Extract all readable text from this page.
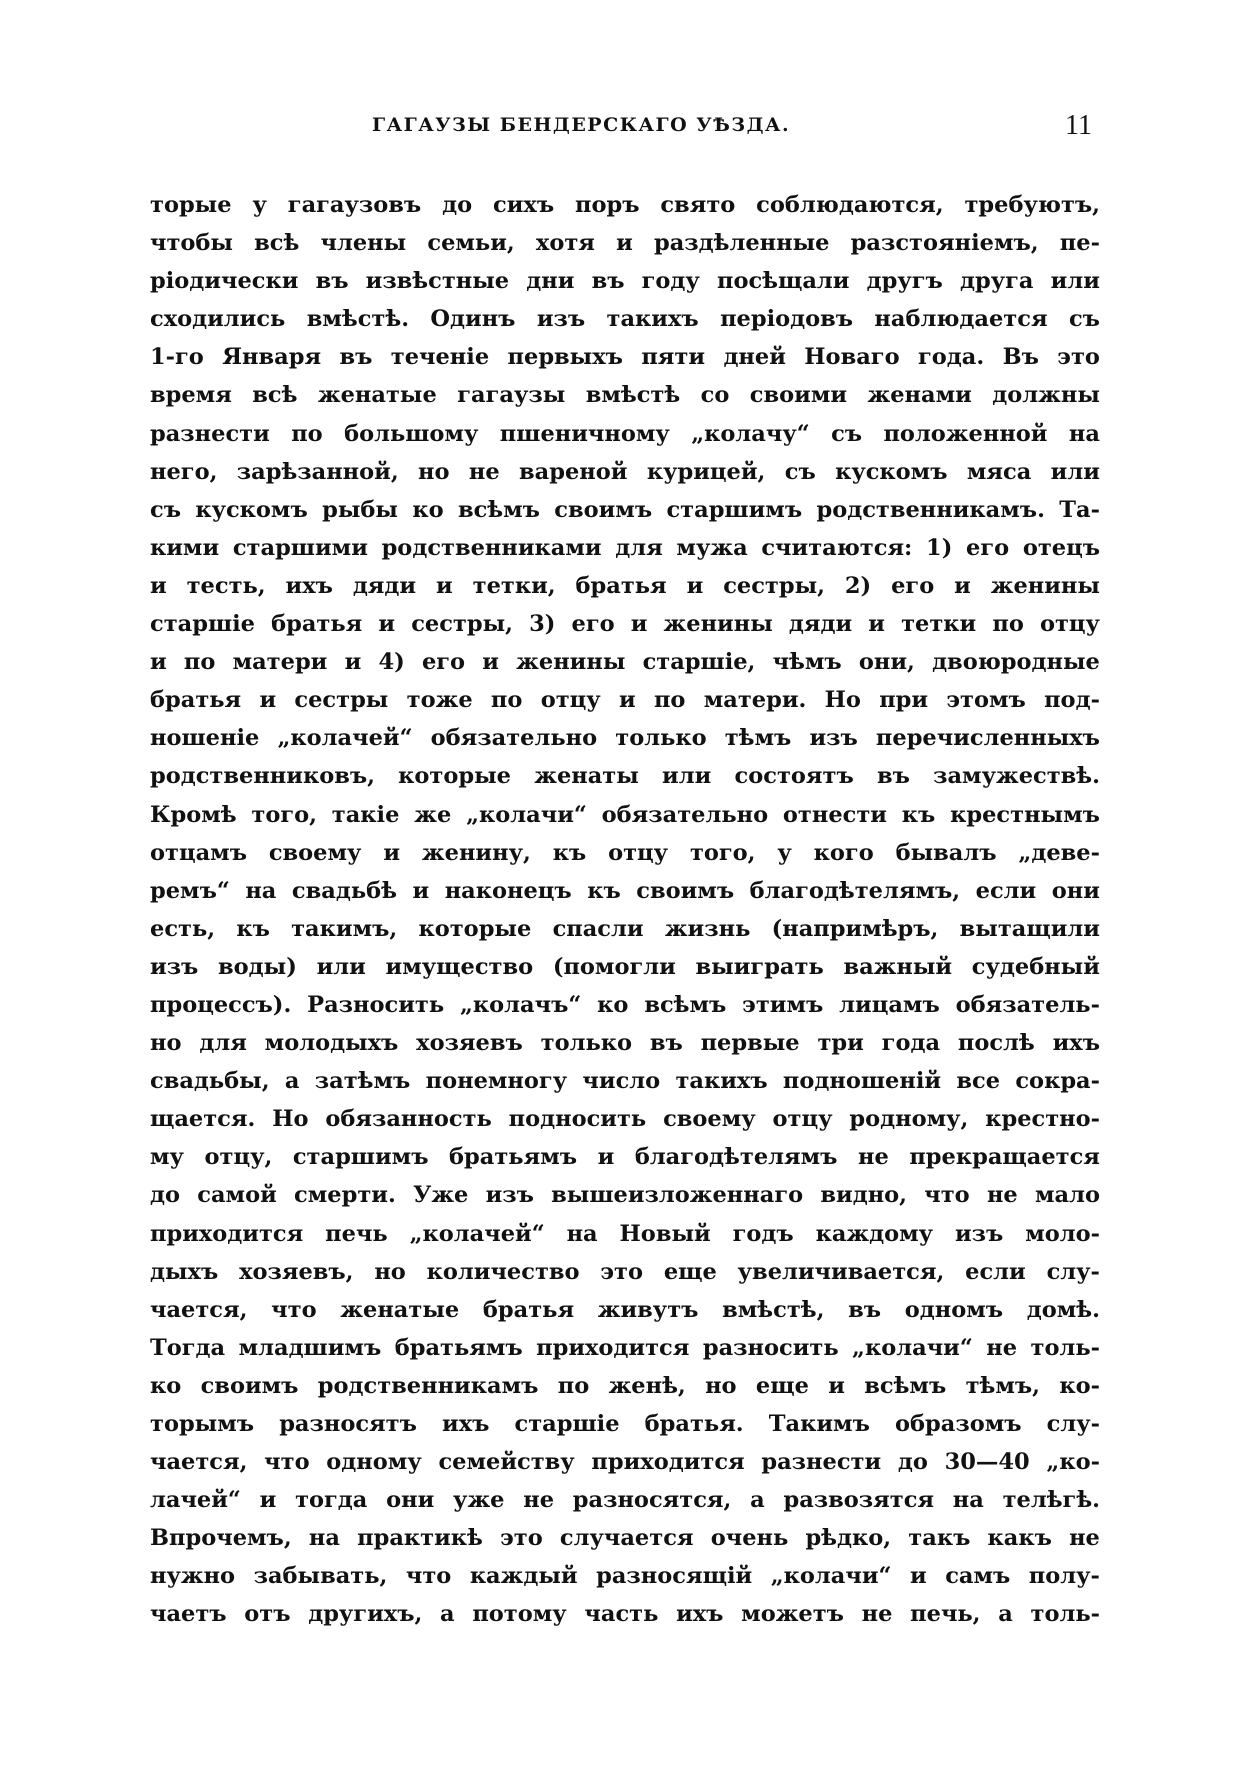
ГАГАУЗЫ БЕНДЕРСКАГО УѢЗДА.	11
торые у гагаузовъ до сихъ поръ свято соблюдаются, требуютъ,
чтобы всѣ члены семьи, хотя и раздѣленные разстояніемъ, пе-
ріодически въ извѣстные дни въ году посѣщали другъ друга или
сходились вмѣстѣ. Одинъ изъ такихъ періодовъ наблюдается съ
1-го Января въ теченіе первыхъ пяти дней Новаго года. Въ это
время всѣ женатые гагаузы вмѣстѣ со своими женами должны
разнести по большому пшеничному „колачу“ съ положенной на
него, зарѣзанной, но не вареной курицей, съ кускомъ мяса или
съ кускомъ рыбы ко всѣмъ своимъ старшимъ родственникамъ. Та-
кими старшими родственниками для мужа считаются: 1) его отецъ
и тесть, ихъ дяди и тетки, братья и сестры, 2) его и женины
старшіе братья и сестры, 3) его и женины дяди и тетки по отцу
и по матери и 4) его и женины старшіе, чѣмъ они, двоюродные
братья и сестры тоже по отцу и по матери. Но при этомъ под-
ношеніе „колачей“ обязательно только тѣмъ изъ перечисленныхъ
родственниковъ, которые женаты или состоятъ въ замужествѣ.
Кромѣ того, такіе же „колачи“ обязательно отнести къ крестнымъ
отцамъ своему и женину, къ отцу того, у кого бывалъ „деве-
ремъ“ на свадьбѣ и наконецъ къ своимъ благодѣтелямъ, если они
есть, къ такимъ, которые спасли жизнь (напримѣръ, вытащили
изъ воды) или имущество (помогли выиграть важный судебный
процессъ). Разносить „колачъ“ ко всѣмъ этимъ лицамъ обязатель-
но для молодыхъ хозяевъ только въ первые три года послѣ ихъ
свадьбы, а затѣмъ понемногу число такихъ подношеній все сокра-
щается. Но обязанность подносить своему отцу родному, крестно-
му отцу, старшимъ братьямъ и благодѣтелямъ не прекращается
до самой смерти. Уже изъ вышеизложеннаго видно, что не мало
приходится печь „колачей“ на Новый годъ каждому изъ моло-
дыхъ хозяевъ, но количество это еще увеличивается, если слу-
чается, что женатые братья живутъ вмѣстѣ, въ одномъ домѣ.
Тогда младшимъ братьямъ приходится разносить „колачи“ не толь-
ко своимъ родственникамъ по женѣ, но еще и всѣмъ тѣмъ, ко-
торымъ разносятъ ихъ старшіе братья. Такимъ образомъ слу-
чается, что одному семейству приходится разнести до 30—40 „ко-
лачей“ и тогда они уже не разносятся, а развозятся на телѣгѣ.
Впрочемъ, на практикѣ это случается очень рѣдко, такъ какъ не
нужно забывать, что каждый разносящій „колачи“ и самъ полу-
чаетъ отъ другихъ, а потому часть ихъ можетъ не печь, а толь-
